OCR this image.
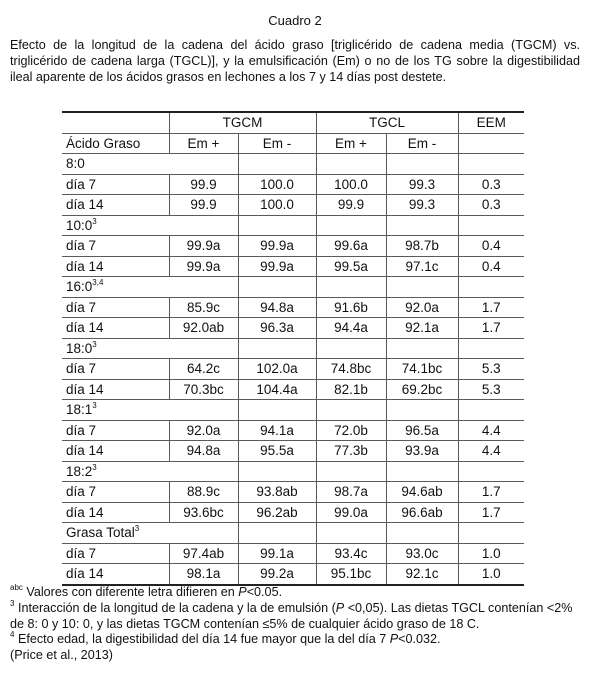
Cuadro 2
Efecto de la longitud de la cadena del ácido graso [triglicérido de cadena media (TGCM) vs. triglicérido de cadena larga (TGCL)], y la emulsificación (Em) o no de los TG sobre la digestibilidad ileal aparente de los ácidos grasos en lechones a los 7 y 14 días post destete.
	TGCM		TGCL		EEM
Ácido Graso	Em +	Em -	Em +	Em -	
8:0					
día 7	99.9	100.0	100.0	99.3	0.3
día 14	99.9	100.0	99.9	99.3	0.3
$10:0^3$					
día 7	99.9a	99.9a	99.6a	98.7b	0.4
día 14	99.9a	99.9a	99.5a	97.1c	0.4
16:0$^{3,4}$					
día 7	85.9c	94.8a	91.6b	92.0a	1.7
día 14	92.0ab	96.3a	94.4a	92.1a	1.7
$18:0^3$					
día 7	64.2c	102.0a	74.8bc	74.1bc	5.3
día 14	70.3bc	104.4a	82.1b	69.2bc	5.3
$18:1^3$					
día 7	92.0a	94.1a	72.0b	96.5a	4.4
día 14	94.8a	95.5a	77.3b	93.9a	4.4
$18:2^3$					
día 7	88.9c	93.8ab	98.7a	94.6ab	1.7
día 14	93.6bc	96.2ab	99.0a	96.6ab	1.7
Grasa Total$^3$					
día 7	97.4ab	99.1a	93.4c	93.0c	1.0
día 14	98.1a	99.2a	95.1bc	92.1c	1.0

$^{abc}$ Valores con diferente letra difieren en P<0.05.

$^3$ Interacción de la longitud de la cadena y la de emulsión (P <0,05). Las dietas TGCL contenían <2% de 8: 0 y 10: 0, y las dietas TGCM contenían ≤5% de cualquier ácido graso de 18 C.

$^4$ Efecto edad, la digestibilidad del día 14 fue mayor que la del día 7 P<0.032.

(Price et al., 2013)
